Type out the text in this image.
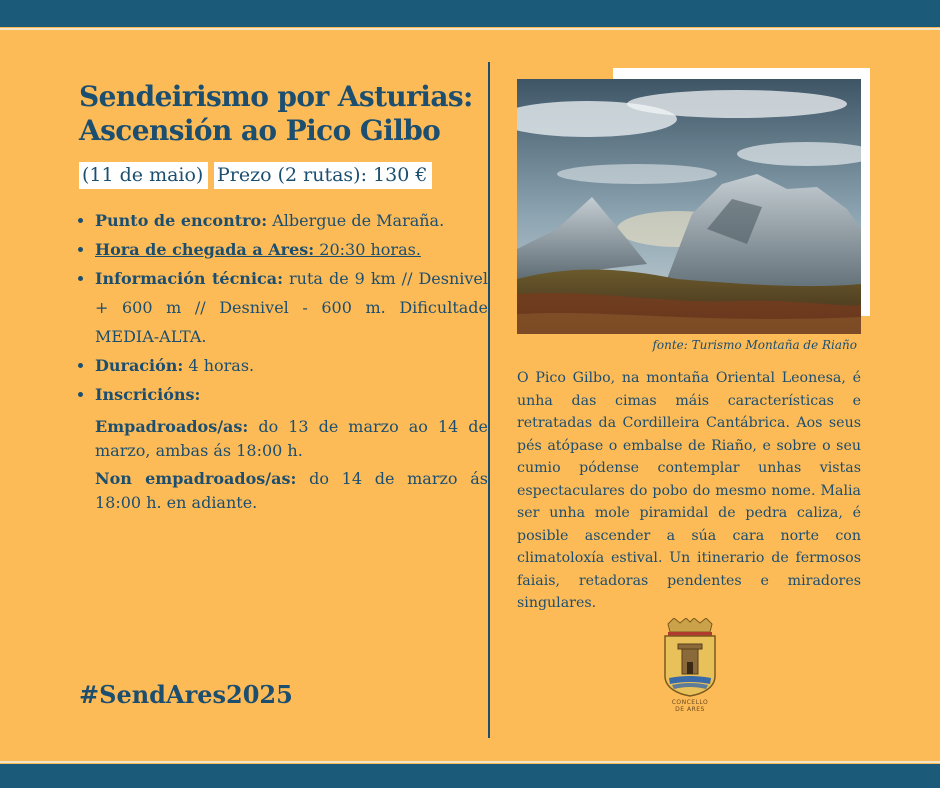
Sendeirismo por Asturias:
Ascensión ao Pico Gilbo
(11 de maio) Prezo (2 rutas): 130 €
• Punto de encontro: Albergue de Maraña.
• Hora de chegada a Ares: 20:30 horas.
• Información técnica: ruta de 9 km // Desnivel + 600 m // Desnivel - 600 m. Dificultade MEDIA-ALTA.
• Duración: 4 horas.
• Inscricións:
Empadroados/as: do 13 de marzo ao 14 de marzo, ambas ás 18:00 h.
Non empadroados/as: do 14 de marzo ás 18:00 h. en adiante.

#SendAres2025

fonte: Turismo Montaña de Riaño

O Pico Gilbo, na montaña Oriental Leonesa, é unha das cimas máis características e retratadas da Cordilleira Cantábrica. Aos seus pés atópase o embalse de Riaño, e sobre o seu cumio pódense contemplar unhas vistas espectaculares do pobo do mesmo nome. Malia ser unha mole piramidal de pedra caliza, é posible ascender a súa cara norte con climatoloxía estival. Un itinerario de fermosos faiais, retadoras pendentes e miradores singulares.

CONCELLO
DE ARES
